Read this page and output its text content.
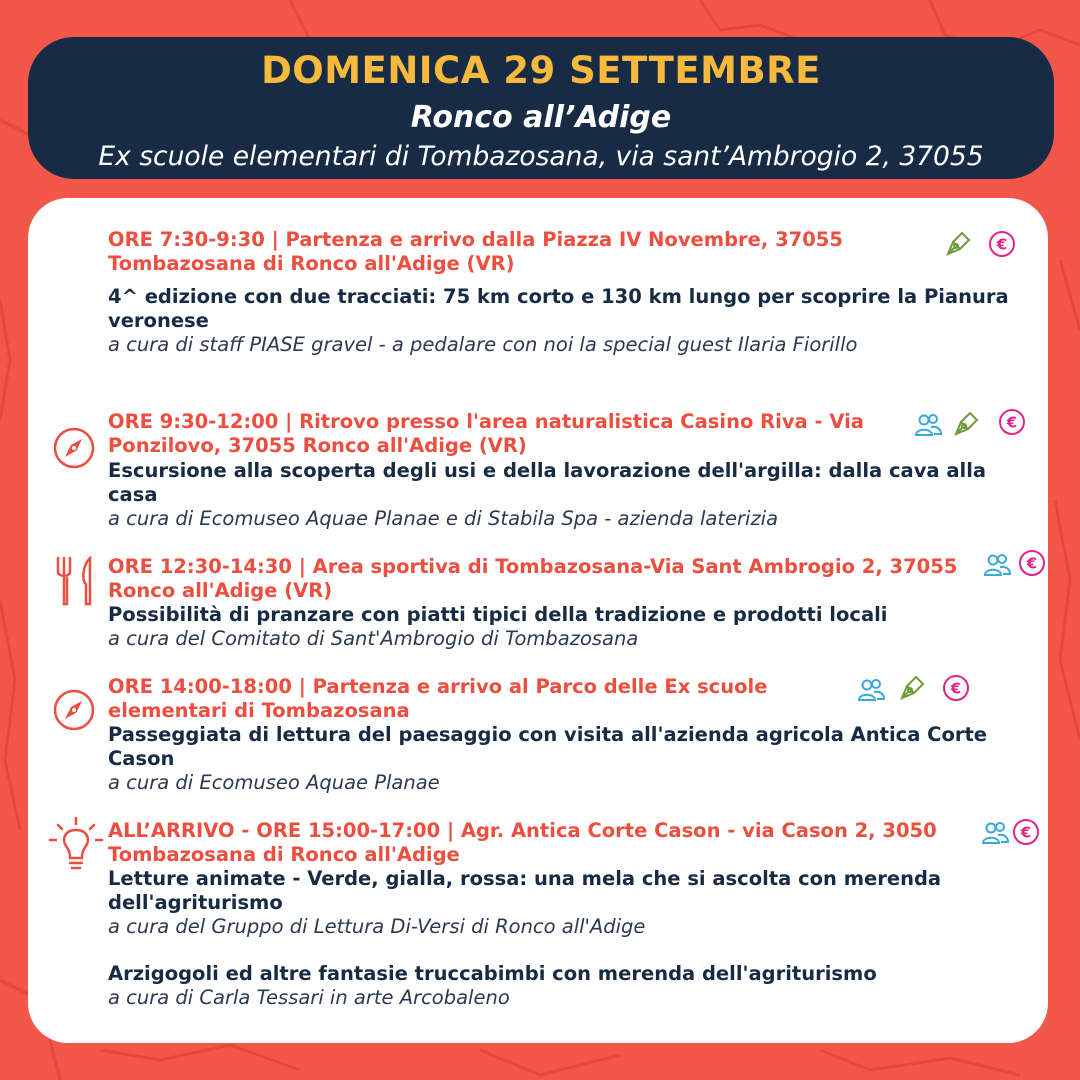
DOMENICA 29 SETTEMBRE
Ronco all’Adige
Ex scuole elementari di Tombazosana, via sant’Ambrogio 2, 37055
ORE 7:30-9:30 | Partenza e arrivo dalla Piazza IV Novembre, 37055 Tombazosana di Ronco all'Adige (VR)
4^ edizione con due tracciati: 75 km corto e 130 km lungo per scoprire la Pianura veronese
a cura di staff PIASE gravel - a pedalare con noi la special guest Ilaria Fiorillo
€
ORE 9:30-12:00 | Ritrovo presso l'area naturalistica Casino Riva - Via Ponzilovo, 37055 Ronco all'Adige (VR)
Escursione alla scoperta degli usi e della lavorazione dell'argilla: dalla cava alla casa
a cura di Ecomuseo Aquae Planae e di Stabila Spa - azienda laterizia
€
ORE 12:30-14:30 | Area sportiva di Tombazosana-Via Sant Ambrogio 2, 37055 Ronco all'Adige (VR)
Possibilità di pranzare con piatti tipici della tradizione e prodotti locali
a cura del Comitato di Sant'Ambrogio di Tombazosana
€
ORE 14:00-18:00 | Partenza e arrivo al Parco delle Ex scuole elementari di Tombazosana
Passeggiata di lettura del paesaggio con visita all'azienda agricola Antica Corte Cason
a cura di Ecomuseo Aquae Planae
€
ALL’ARRIVO - ORE 15:00-17:00 | Agr. Antica Corte Cason - via Cason 2, 3050 Tombazosana di Ronco all'Adige
Letture animate - Verde, gialla, rossa: una mela che si ascolta con merenda dell'agriturismo
a cura del Gruppo di Lettura Di-Versi di Ronco all'Adige
€
Arzigogoli ed altre fantasie truccabimbi con merenda dell'agriturismo
a cura di Carla Tessari in arte Arcobaleno
